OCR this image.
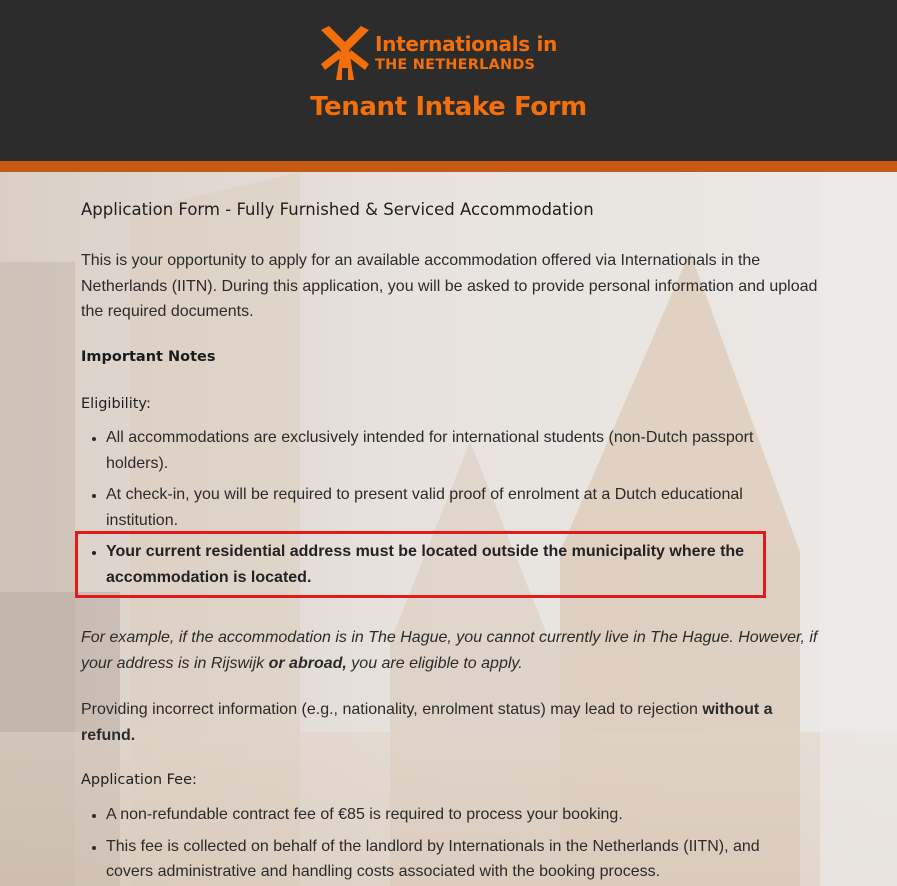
Internationals in
THE NETHERLANDS
Tenant Intake Form
Application Form - Fully Furnished & Serviced Accommodation

This is your opportunity to apply for an available accommodation offered via Internationals in the Netherlands (IITN). During this application, you will be asked to provide personal information and upload the required documents.

Important Notes
Eligibility:
• All accommodations are exclusively intended for international students (non-Dutch passport holders).
• At check-in, you will be required to present valid proof of enrolment at a Dutch educational institution.
• Your current residential address must be located outside the municipality where the accommodation is located.

For example, if the accommodation is in The Hague, you cannot currently live in The Hague. However, if your address is in Rijswijk or abroad, you are eligible to apply.

Providing incorrect information (e.g., nationality, enrolment status) may lead to rejection without a refund.

Application Fee:
• A non-refundable contract fee of €85 is required to process your booking.
• This fee is collected on behalf of the landlord by Internationals in the Netherlands (IITN), and covers administrative and handling costs associated with the booking process.
